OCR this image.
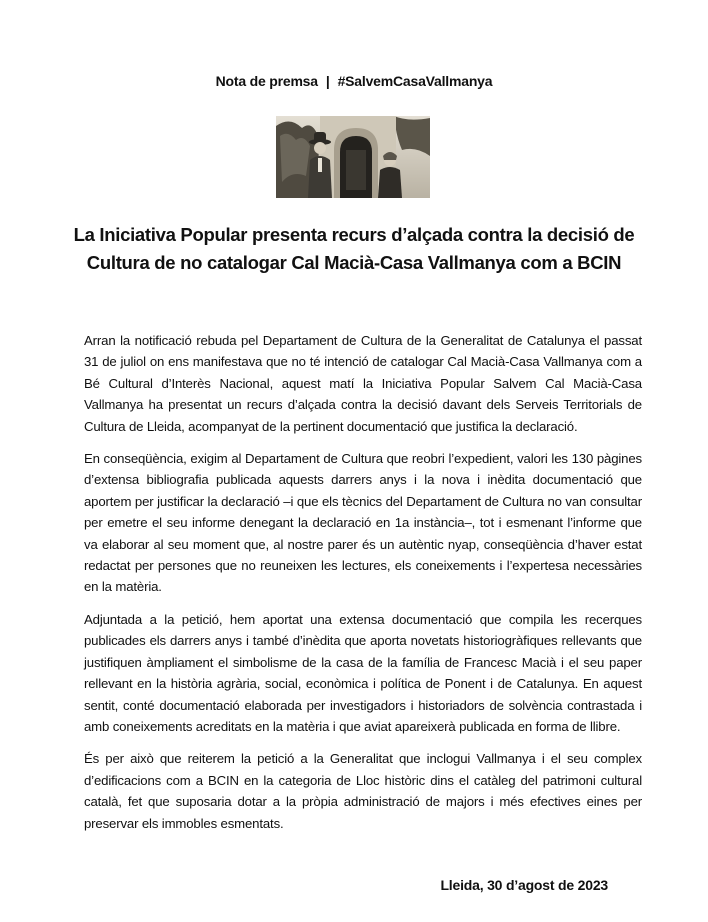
Nota de premsa | #SalvemCasaVallmanya
La Iniciativa Popular presenta recurs d’alçada contra la decisió de Cultura de no catalogar Cal Macià-Casa Vallmanya com a BCIN

Arran la notificació rebuda pel Departament de Cultura de la Generalitat de Catalunya el passat 31 de juliol on ens manifestava que no té intenció de catalogar Cal Macià-Casa Vallmanya com a Bé Cultural d’Interès Nacional, aquest matí la Iniciativa Popular Salvem Cal Macià-Casa Vallmanya ha presentat un recurs d’alçada contra la decisió davant dels Serveis Territorials de Cultura de Lleida, acompanyat de la pertinent documentació que justifica la declaració.

En conseqüència, exigim al Departament de Cultura que reobri l’expedient, valori les 130 pàgines d’extensa bibliografia publicada aquests darrers anys i la nova i inèdita documentació que aportem per justificar la declaració –i que els tècnics del Departament de Cultura no van consultar per emetre el seu informe denegant la declaració en 1a instància–, tot i esmenant l’informe que va elaborar al seu moment que, al nostre parer és un autèntic nyap, conseqüència d’haver estat redactat per persones que no reuneixen les lectures, els coneixements i l’expertesa necessàries en la matèria.

Adjuntada a la petició, hem aportat una extensa documentació que compila les recerques publicades els darrers anys i també d’inèdita que aporta novetats historiogràfiques rellevants que justifiquen àmpliament el simbolisme de la casa de la família de Francesc Macià i el seu paper rellevant en la història agrària, social, econòmica i política de Ponent i de Catalunya. En aquest sentit, conté documentació elaborada per investigadors i historiadors de solvència contrastada i amb coneixements acreditats en la matèria i que aviat apareixerà publicada en forma de llibre.

És per això que reiterem la petició a la Generalitat que inclogui Vallmanya i el seu complex d’edificacions com a BCIN en la categoria de Lloc històric dins el catàleg del patrimoni cultural català, fet que suposaria dotar a la pròpia administració de majors i més efectives eines per preservar els immobles esmentats.

Lleida, 30 d’agost de 2023
